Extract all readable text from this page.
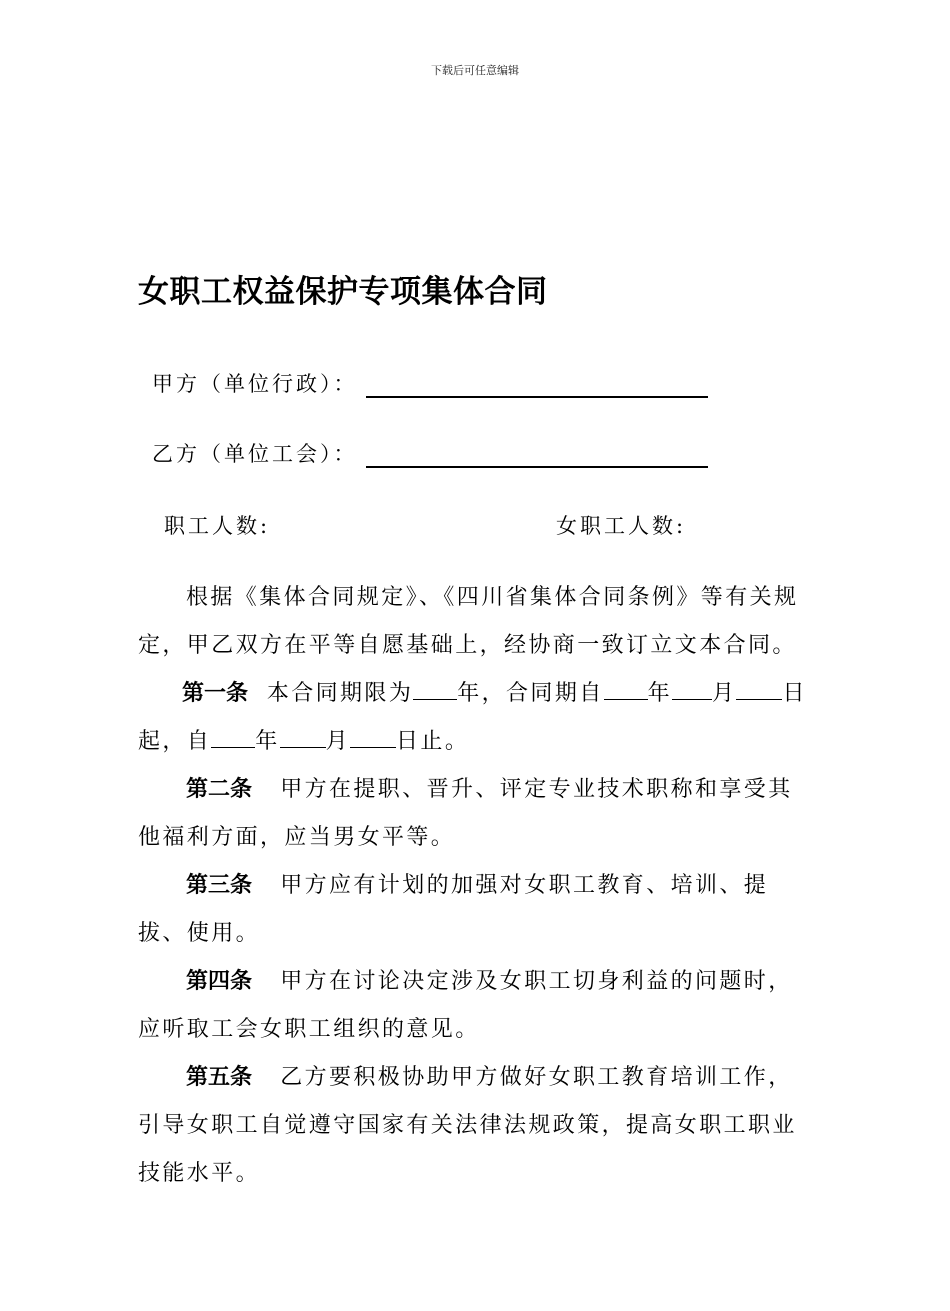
下载后可任意编辑
女职工权益保护专项集体合同
甲方（单位行政）：
乙方（单位工会）：
职工人数:	女职工人数:

根据《集体合同规定》、《四川省集体合同条例》等有关规定，甲乙双方在平等自愿基础上，经协商一致订立文本合同。

第一条 本合同期限为 年，合同期自 年 月 日起，自 年 月 日止。

第二条 甲方在提职、晋升、评定专业技术职称和享受其他福利方面，应当男女平等。

第三条 甲方应有计划的加强对女职工教育、培训、提拔、使用。

第四条 甲方在讨论决定涉及女职工切身利益的问题时，应听取工会女职工组织的意见。

第五条 乙方要积极协助甲方做好女职工教育培训工作，引导女职工自觉遵守国家有关法律法规政策，提高女职工职业技能水平。
